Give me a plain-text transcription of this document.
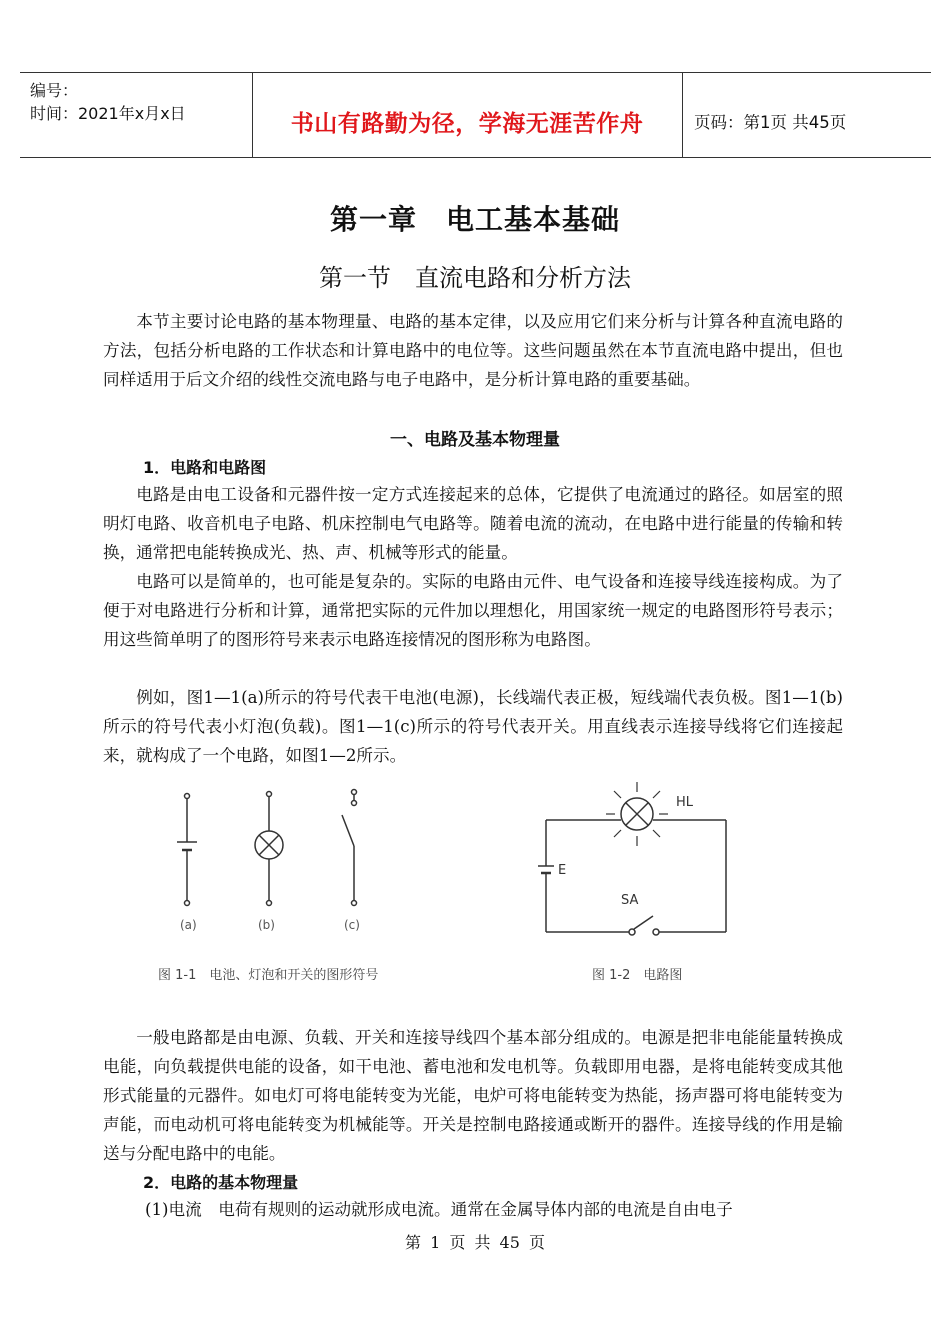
编号：
时间：2021年x月x日	书山有路勤为径，学海无涯苦作舟	页码：第1页 共45页
第一章　电工基本基础
第一节　直流电路和分析方法

本节主要讨论电路的基本物理量、电路的基本定律，以及应用它们来分析与计算各种直流电路的方法，包括分析电路的工作状态和计算电路中的电位等。这些问题虽然在本节直流电路中提出，但也同样适用于后文介绍的线性交流电路与电子电路中，是分析计算电路的重要基础。

一、电路及基本物理量
1．电路和电路图

电路是由电工设备和元器件按一定方式连接起来的总体，它提供了电流通过的路径。如居室的照明灯电路、收音机电子电路、机床控制电气电路等。随着电流的流动，在电路中进行能量的传输和转换，通常把电能转换成光、热、声、机械等形式的能量。

电路可以是简单的，也可能是复杂的。实际的电路由元件、电气设备和连接导线连接构成。为了便于对电路进行分析和计算，通常把实际的元件加以理想化，用国家统一规定的电路图形符号表示；用这些简单明了的图形符号来表示电路连接情况的图形称为电路图。

例如，图1—1(a)所示的符号代表干电池(电源)，长线端代表正极，短线端代表负极。图1—1(b)所示的符号代表小灯泡(负载)。图1—1(c)所示的符号代表开关。用直线表示连接导线将它们连接起来，就构成了一个电路，如图1—2所示。

(a)	(b)	(c)
图 1-1　电池、灯泡和开关的图形符号
HL
E
SA
图 1-2　电路图

一般电路都是由电源、负载、开关和连接导线四个基本部分组成的。电源是把非电能能量转换成电能，向负载提供电能的设备，如干电池、蓄电池和发电机等。负载即用电器，是将电能转变成其他形式能量的元器件。如电灯可将电能转变为光能，电炉可将电能转变为热能，扬声器可将电能转变为声能，而电动机可将电能转变为机械能等。开关是控制电路接通或断开的器件。连接导线的作用是输送与分配电路中的电能。

2．电路的基本物理量

(1)电流　电荷有规则的运动就形成电流。通常在金属导体内部的电流是自由电子

第 1 页 共 45 页
